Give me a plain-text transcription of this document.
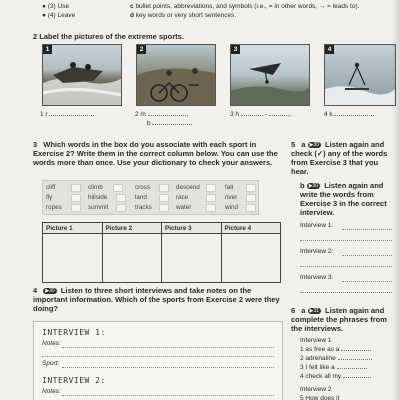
● (3) Use	c bullet points, abbreviations, and symbols (i.e., = in other words, → = leads to).
● (4) Leave	d key words or very short sentences.
2 Label the pictures of the extreme sports.
1	2	3	4
1 r	2 m
b
3 h	-	4 k
3 Which words in the box do you associate with each sport in Exercise 2? Write them in the correct column below. You can use the words more than once. Use your dictionary to check your answers.
cliff	climb	cross	descend	fall
fly	hillside	land	race	river
ropes	summit	tracks	water	wind
Picture 1	Picture 2	Picture 3	Picture 4

4 ▶30 Listen to three short interviews and take notes on the important information. Which of the sports from Exercise 2 were they doing?
INTERVIEW 1:
Notes:
Sport:
INTERVIEW 2:
Notes:
5 a ▶30 Listen again and check (✓) any of the words from Exercise 3 that you hear.
b ▶30 Listen again and write the words from Exercise 3 in the correct interview.
Interview 1:
Interview 2:
Interview 3:
6 a ▶31 Listen again and complete the phrases from the interviews.
Interview 1
1 as free as a
2 adrenaline
3 I felt like a
4 check all my
Interview 2
5 How does it
